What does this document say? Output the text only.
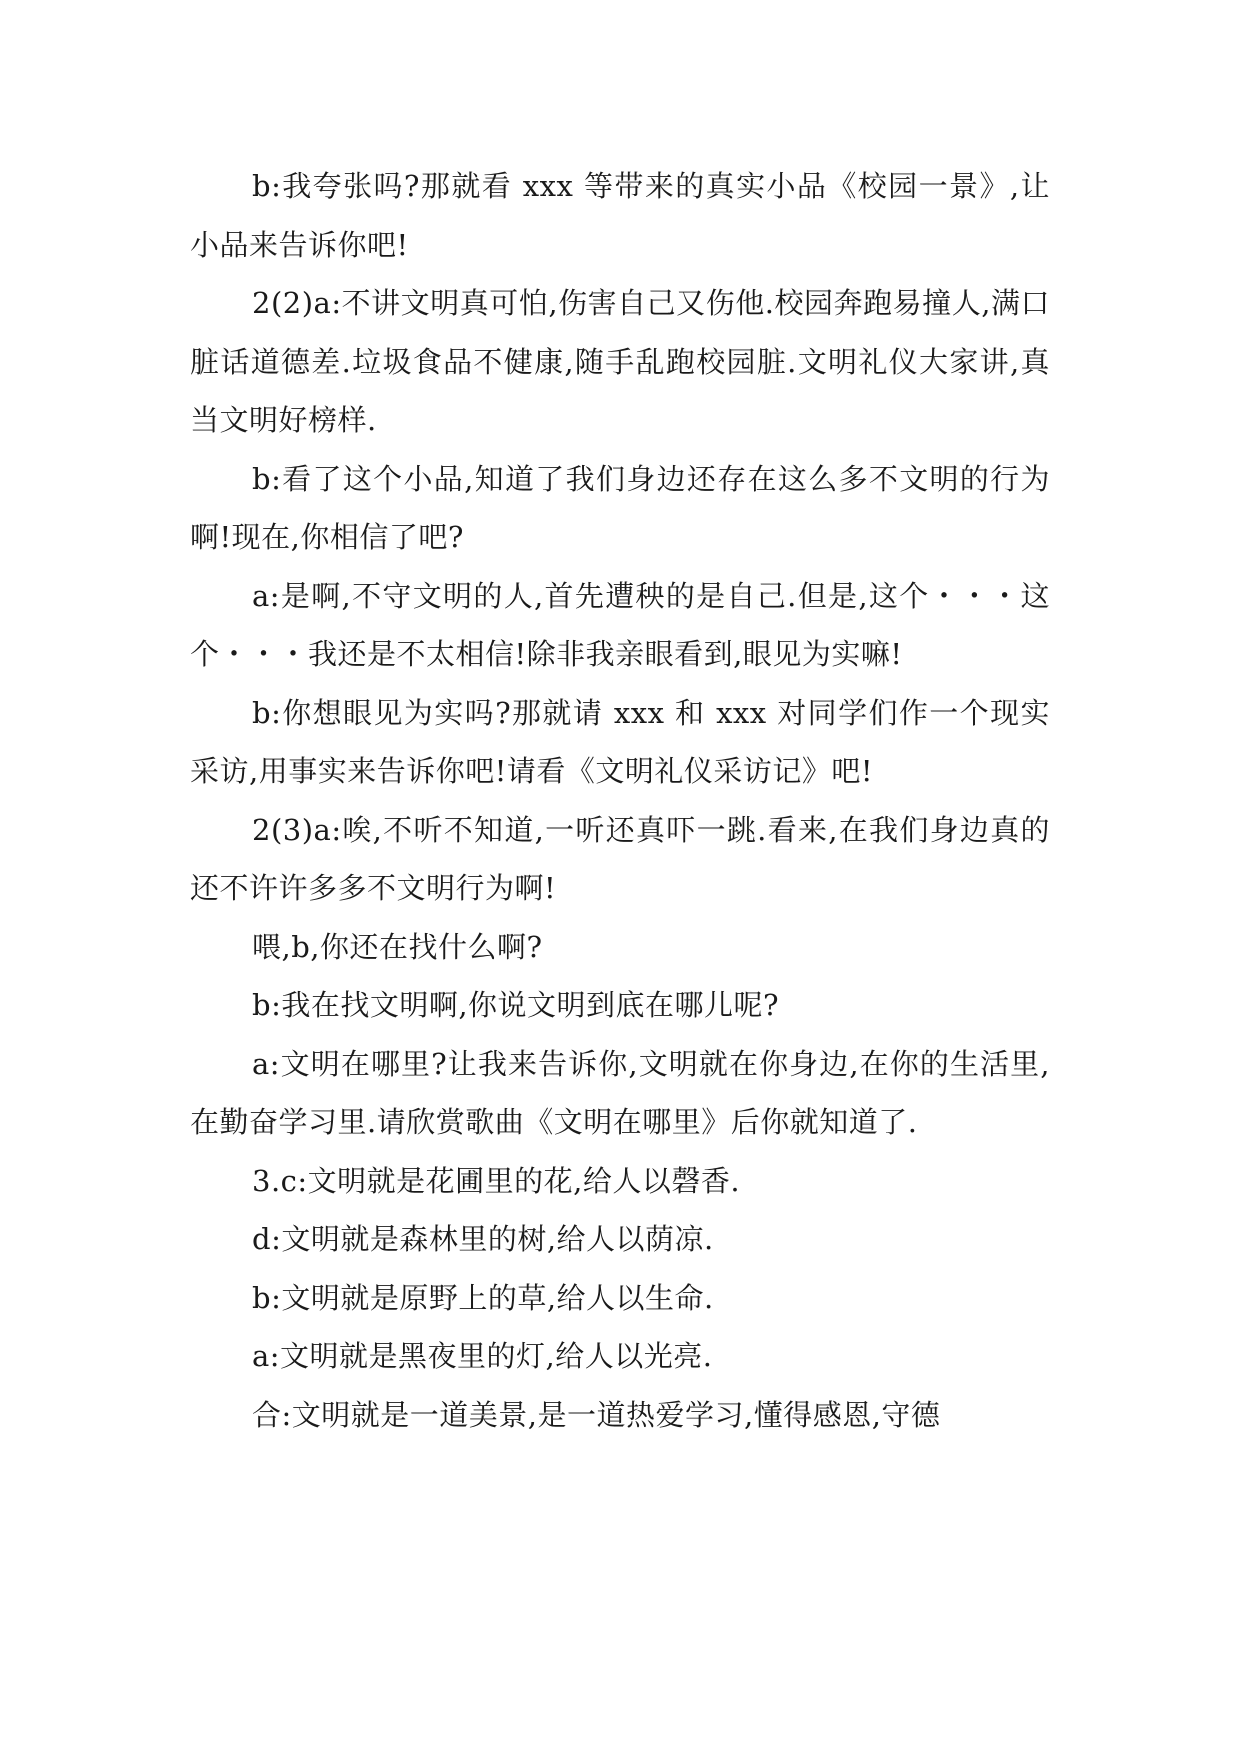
b:我夸张吗?那就看 xxx 等带来的真实小品《校园一景》,让小品来告诉你吧!

2(2)a:不讲文明真可怕,伤害自己又伤他.校园奔跑易撞人,满口脏话道德差.垃圾食品不健康,随手乱跑校园脏.文明礼仪大家讲,真当文明好榜样.

b:看了这个小品,知道了我们身边还存在这么多不文明的行为啊!现在,你相信了吧?

a:是啊,不守文明的人,首先遭秧的是自己.但是,这个・・・这个・・・我还是不太相信!除非我亲眼看到,眼见为实嘛!

b:你想眼见为实吗?那就请 xxx 和 xxx 对同学们作一个现实采访,用事实来告诉你吧!请看《文明礼仪采访记》吧!

2(3)a:唉,不听不知道,一听还真吓一跳.看来,在我们身边真的还不许许多多不文明行为啊!

喂,b,你还在找什么啊?

b:我在找文明啊,你说文明到底在哪儿呢?

a:文明在哪里?让我来告诉你,文明就在你身边,在你的生活里,在勤奋学习里.请欣赏歌曲《文明在哪里》后你就知道了.

3.c:文明就是花圃里的花,给人以磬香.

d:文明就是森林里的树,给人以荫凉.

b:文明就是原野上的草,给人以生命.

a:文明就是黑夜里的灯,给人以光亮.

合:文明就是一道美景,是一道热爱学习,懂得感恩,守德
